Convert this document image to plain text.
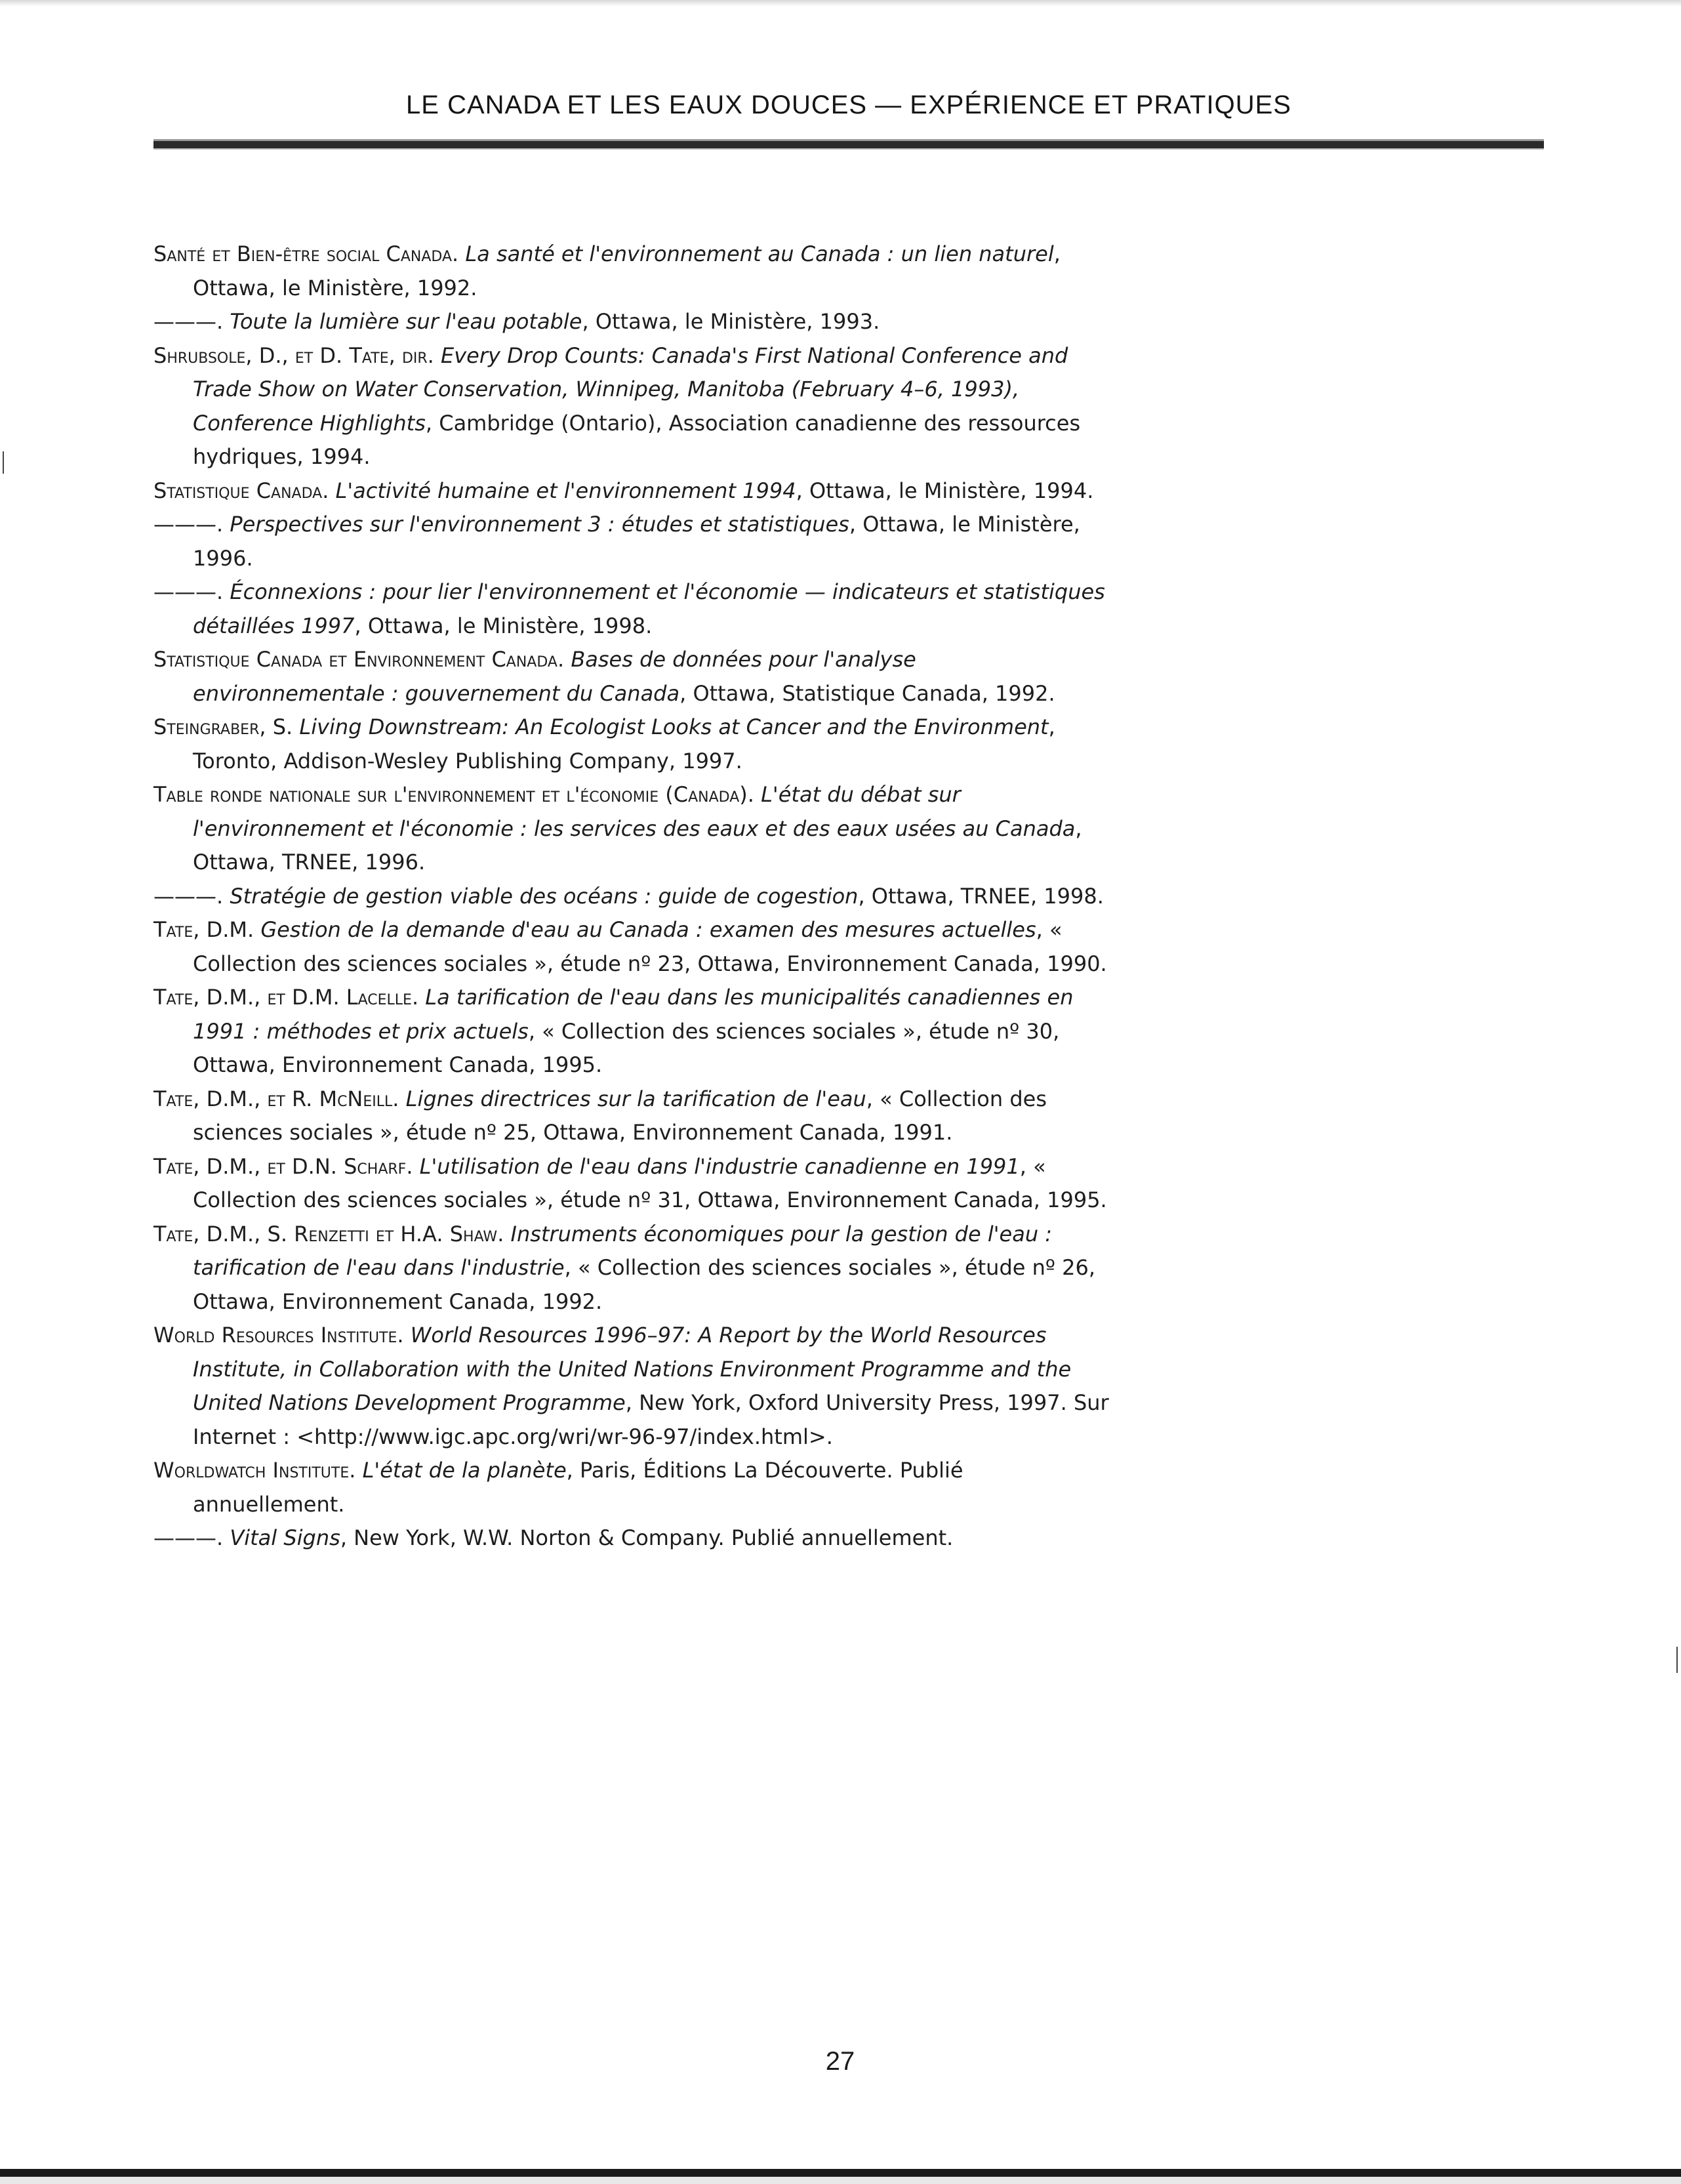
LE CANADA ET LES EAUX DOUCES — EXPÉRIENCE ET PRATIQUES
Santé et Bien-être social Canada. La santé et l'environnement au Canada : un lien naturel, Ottawa, le Ministère, 1992.
———. Toute la lumière sur l'eau potable, Ottawa, le Ministère, 1993.
Shrubsole, D., et D. Tate, dir. Every Drop Counts: Canada's First National Conference and Trade Show on Water Conservation, Winnipeg, Manitoba (February 4–6, 1993), Conference Highlights, Cambridge (Ontario), Association canadienne des ressources hydriques, 1994.
Statistique Canada. L'activité humaine et l'environnement 1994, Ottawa, le Ministère, 1994.
———. Perspectives sur l'environnement 3 : études et statistiques, Ottawa, le Ministère, 1996.
———. Éconnexions : pour lier l'environnement et l'économie — indicateurs et statistiques détaillées 1997, Ottawa, le Ministère, 1998.
Statistique Canada et Environnement Canada. Bases de données pour l'analyse environnementale : gouvernement du Canada, Ottawa, Statistique Canada, 1992.
Steingraber, S. Living Downstream: An Ecologist Looks at Cancer and the Environment, Toronto, Addison-Wesley Publishing Company, 1997.
Table ronde nationale sur l'environnement et l'économie (Canada). L'état du débat sur l'environnement et l'économie : les services des eaux et des eaux usées au Canada, Ottawa, TRNEE, 1996.
———. Stratégie de gestion viable des océans : guide de cogestion, Ottawa, TRNEE, 1998.
Tate, D.M. Gestion de la demande d'eau au Canada : examen des mesures actuelles, « Collection des sciences sociales », étude nº 23, Ottawa, Environnement Canada, 1990.
Tate, D.M., et D.M. Lacelle. La tarification de l'eau dans les municipalités canadiennes en 1991 : méthodes et prix actuels, « Collection des sciences sociales », étude nº 30, Ottawa, Environnement Canada, 1995.
Tate, D.M., et R. McNeill. Lignes directrices sur la tarification de l'eau, « Collection des sciences sociales », étude nº 25, Ottawa, Environnement Canada, 1991.
Tate, D.M., et D.N. Scharf. L'utilisation de l'eau dans l'industrie canadienne en 1991, « Collection des sciences sociales », étude nº 31, Ottawa, Environnement Canada, 1995.
Tate, D.M., S. Renzetti et H.A. Shaw. Instruments économiques pour la gestion de l'eau : tarification de l'eau dans l'industrie, « Collection des sciences sociales », étude nº 26, Ottawa, Environnement Canada, 1992.
World Resources Institute. World Resources 1996–97: A Report by the World Resources Institute, in Collaboration with the United Nations Environment Programme and the United Nations Development Programme, New York, Oxford University Press, 1997. Sur Internet : <http://www.igc.apc.org/wri/wr-96-97/index.html>.
Worldwatch Institute. L'état de la planète, Paris, Éditions La Découverte. Publié annuellement.
———. Vital Signs, New York, W.W. Norton & Company. Publié annuellement.
27
